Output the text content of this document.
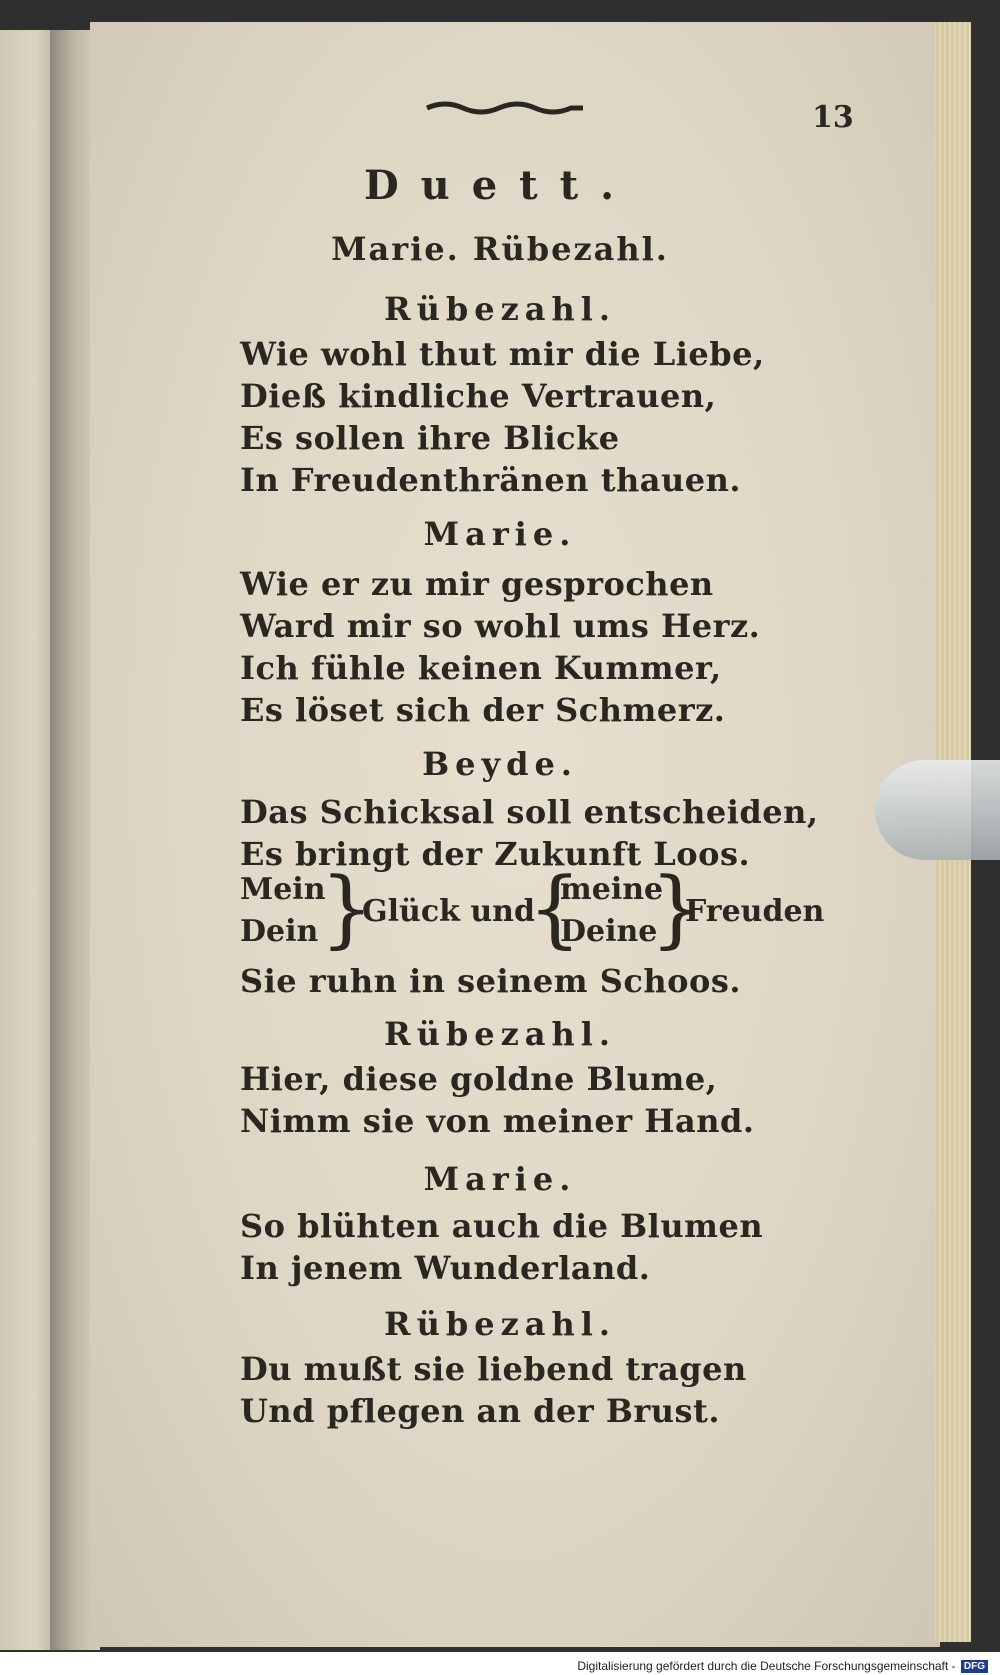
13
Duett.
Marie. Rübezahl.
Rübezahl.
Wie wohl thut mir die Liebe,
Dieß kindliche Vertrauen,
Es sollen ihre Blicke
In Freudenthränen thauen.
Marie.
Wie er zu mir gesprochen
Ward mir so wohl ums Herz.
Ich fühle keinen Kummer,
Es löset sich der Schmerz.
Beyde.
Das Schicksal soll entscheiden,
Es bringt der Zukunft Loos.
Mein
Dein }
Glück und
{
meine
Deine
}
Freuden
Sie ruhn in seinem Schoos.
Rübezahl.
Hier, diese goldne Blume,
Nimm sie von meiner Hand.
Marie.
So blühten auch die Blumen
In jenem Wunderland.
Rübezahl.
Du mußt sie liebend tragen
Und pflegen an der Brust.
Digitalisierung gefördert durch die Deutsche Forschungsgemeinschaft - DFG
